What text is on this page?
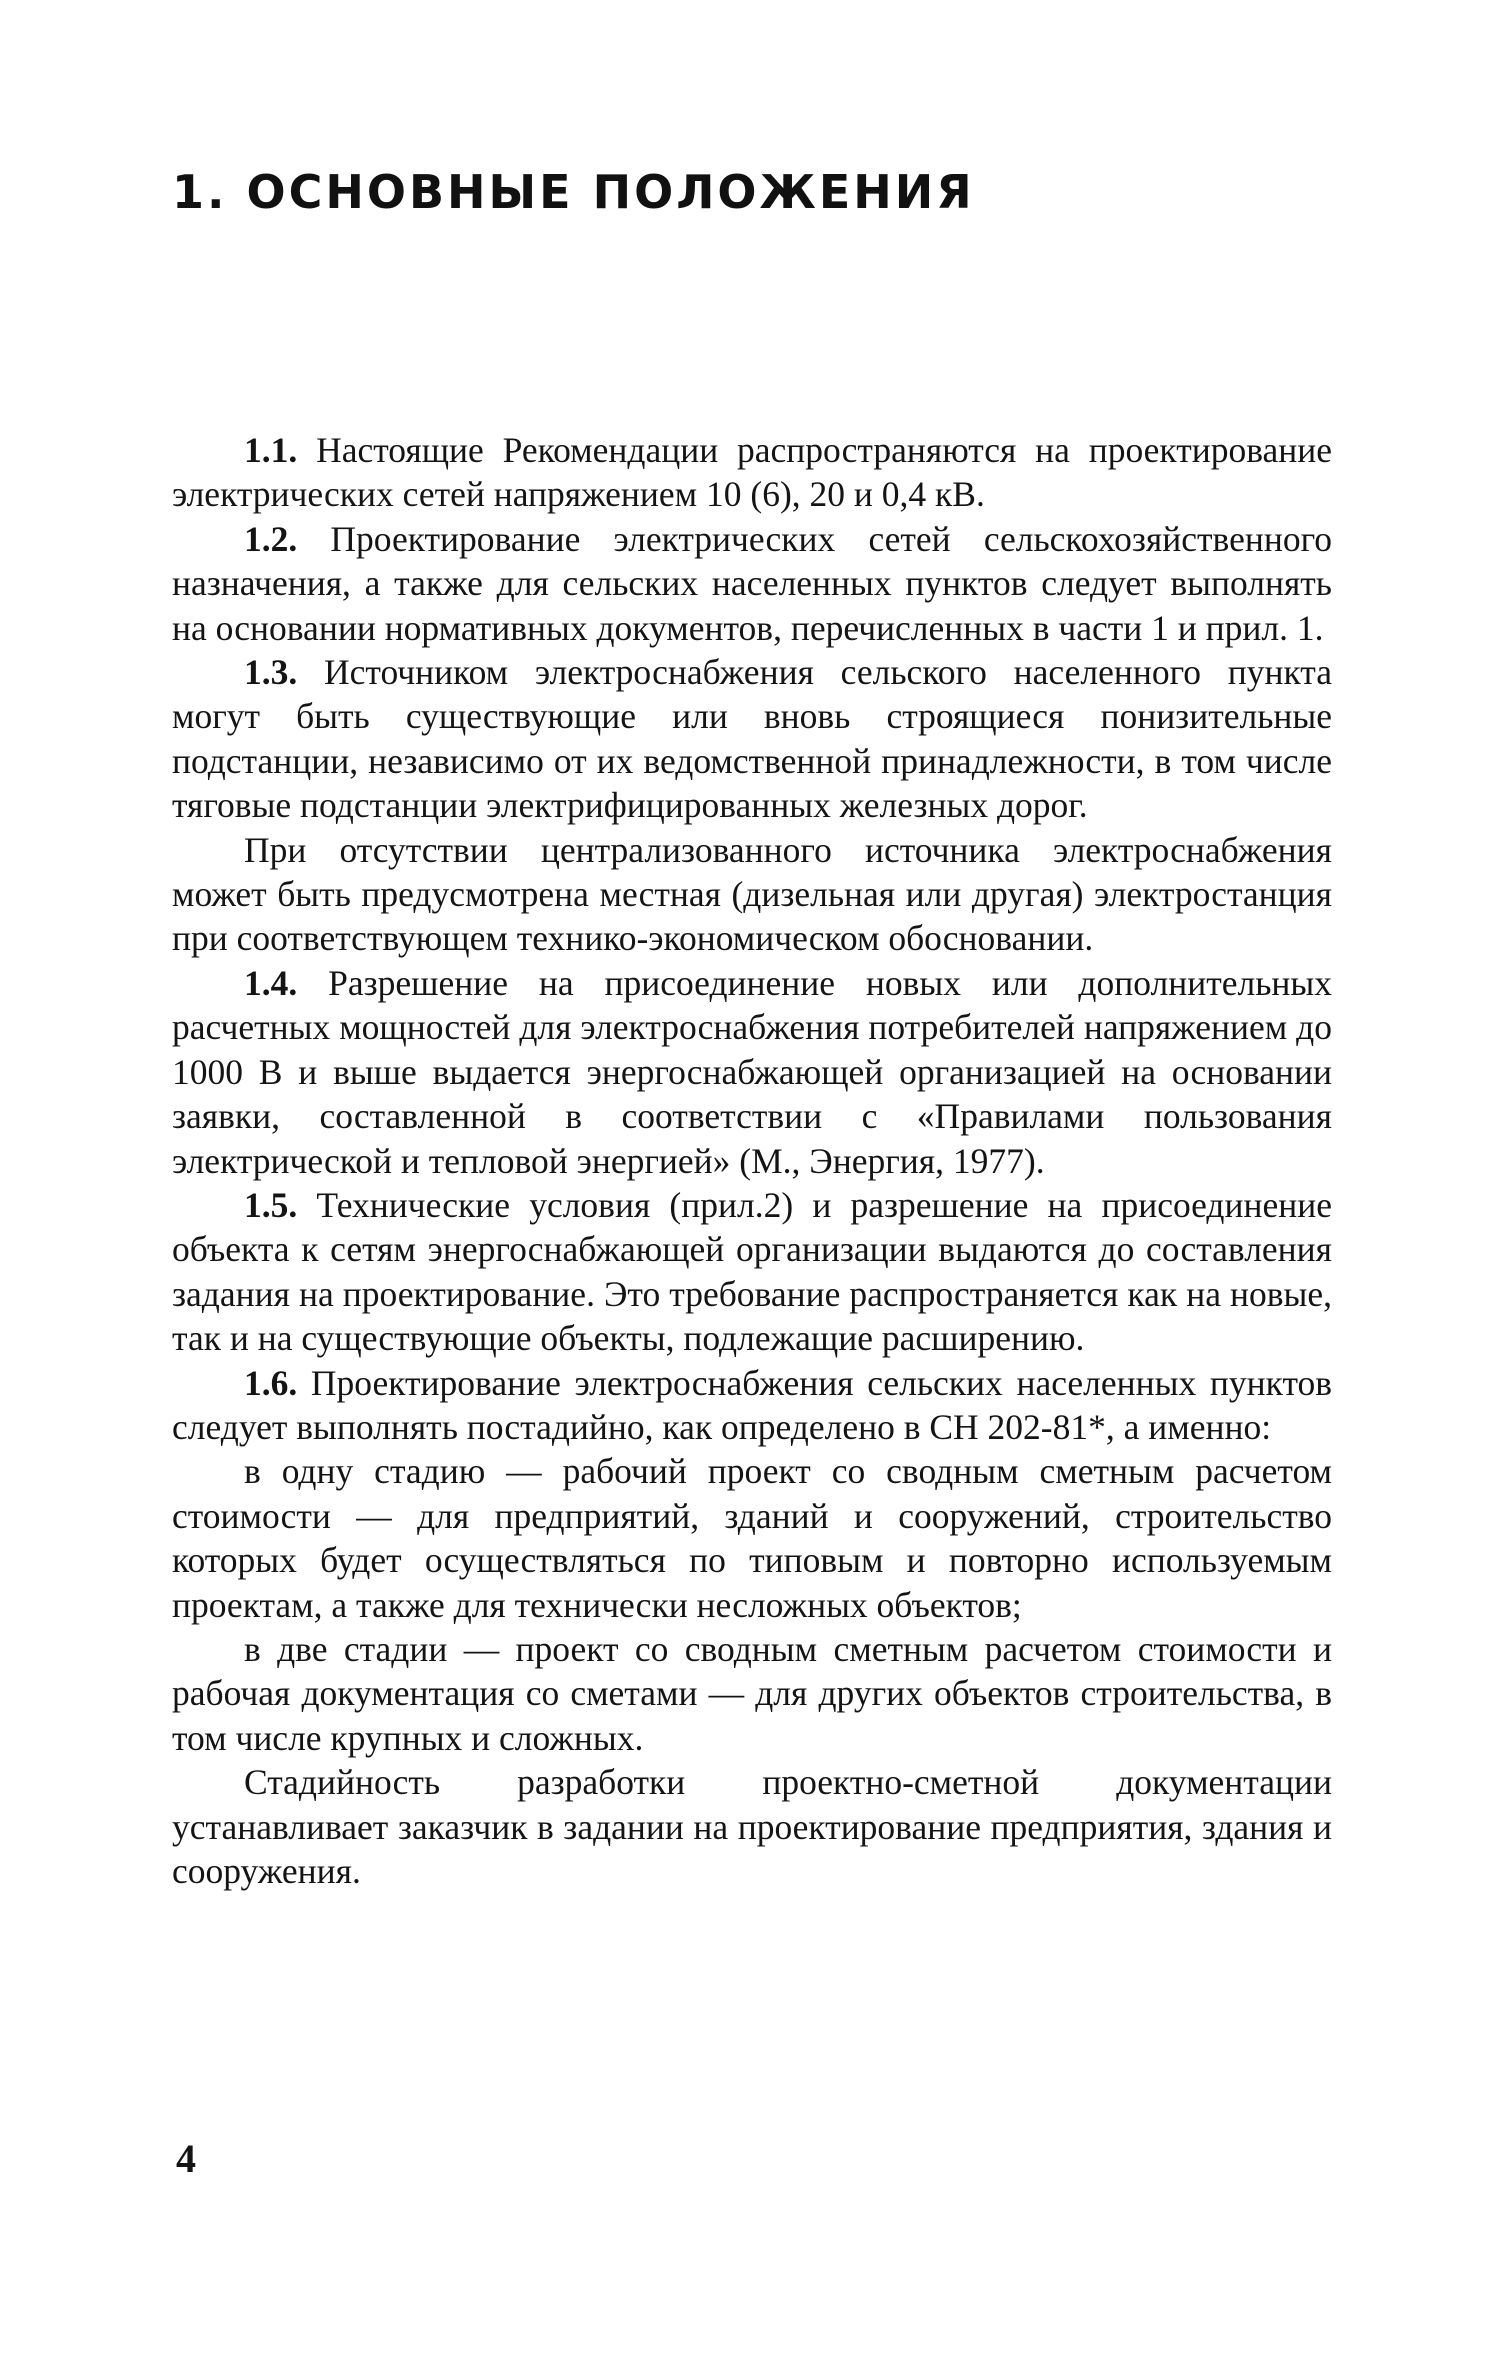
1. ОСНОВНЫЕ ПОЛОЖЕНИЯ

1.1. Настоящие Рекомендации распространяются на проектирование электрических сетей напряжением 10 (6), 20 и 0,4 кВ.

1.2. Проектирование электрических сетей сельскохозяйственного назначения, а также для сельских населенных пунктов следует выполнять на основании нормативных документов, перечисленных в части 1 и прил. 1.

1.3. Источником электроснабжения сельского населенного пункта могут быть существующие или вновь строящиеся понизительные подстанции, независимо от их ведомственной принадлежности, в том числе тяговые подстанции электрифицированных железных дорог.

При отсутствии централизованного источника электроснабжения может быть предусмотрена местная (дизельная или другая) электростанция при соответствующем технико-экономическом обосновании.

1.4. Разрешение на присоединение новых или дополнительных расчетных мощностей для электроснабжения потребителей напряжением до 1000 В и выше выдается энергоснабжающей организацией на основании заявки, составленной в соответствии с «Правилами пользования электрической и тепловой энергией» (М., Энергия, 1977).

1.5. Технические условия (прил.2) и разрешение на присоединение объекта к сетям энергоснабжающей организации выдаются до составления задания на проектирование. Это требование распространяется как на новые, так и на существующие объекты, подлежащие расширению.

1.6. Проектирование электроснабжения сельских населенных пунктов следует выполнять постадийно, как определено в СН 202-81*, а именно:

в одну стадию — рабочий проект со сводным сметным расчетом стоимости — для предприятий, зданий и сооружений, строительство которых будет осуществляться по типовым и повторно используемым проектам, а также для технически несложных объектов;

в две стадии — проект со сводным сметным расчетом стоимости и рабочая документация со сметами — для других объектов строительства, в том числе крупных и сложных.

Стадийность разработки проектно-сметной документации устанавливает заказчик в задании на проектирование предприятия, здания и сооружения.

4
